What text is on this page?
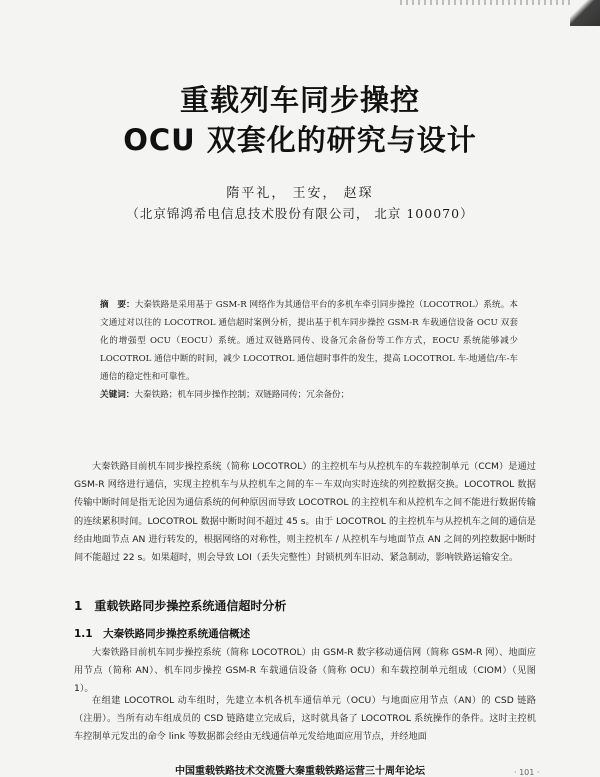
重载列车同步操控
OCU 双套化的研究与设计
隋平礼， 王安， 赵琛
（北京锦鸿希电信息技术股份有限公司， 北京 100070）
摘　要：大秦铁路是采用基于 GSM-R 网络作为其通信平台的多机车牵引同步操控（LOCOTROL）系统。本文通过对以往的 LOCOTROL 通信超时案例分析，提出基于机车同步操控 GSM-R 车载通信设备 OCU 双套化的增强型 OCU（EOCU）系统。通过双链路同传、设备冗余备份等工作方式，EOCU 系统能够减少 LOCOTROL 通信中断的时间，减少 LOCOTROL 通信超时事件的发生，提高 LOCOTROL 车-地通信/车-车通信的稳定性和可靠性。
关键词：大秦铁路；机车同步操作控制；双链路同传；冗余备份；
大秦铁路目前机车同步操控系统（简称 LOCOTROL）的主控机车与从控机车的车载控制单元（CCM）是通过 GSM-R 网络进行通信，实现主控机车与从控机车之间的车－车双向实时连续的列控数据交换。LOCOTROL 数据传输中断时间是指无论因为通信系统的何种原因而导致 LOCOTROL 的主控机车和从控机车之间不能进行数据传输的连续累积时间。LOCOTROL 数据中断时间不超过 45 s。由于 LOCOTROL 的主控机车与从控机车之间的通信是经由地面节点 AN 进行转发的，根据网络的对称性，则主控机车 / 从控机车与地面节点 AN 之间的列控数据中断时间不能超过 22 s。如果超时，则会导致 LOI（丢失完整性）封锁机列车旧动、紧急制动，影响铁路运输安全。
1　重载铁路同步操控系统通信超时分析
1.1　大秦铁路同步操控系统通信概述
大秦铁路目前机车同步操控系统（简称 LOCOTROL）由 GSM-R 数字移动通信网（简称 GSM-R 网）、地面应用节点（简称 AN）、机车同步操控 GSM-R 车载通信设备（简称 OCU）和车载控制单元组成（CIOM）（见图 1）。
在组建 LOCOTROL 动车组时，先建立本机各机车通信单元（OCU）与地面应用节点（AN）的 CSD 链路（注册）。当所有动车组成员的 CSD 链路建立完成后，这时就具备了 LOCOTROL 系统操作的条件。这时主控机车控制单元发出的命令 link 等数据都会经由无线通信单元发给地面应用节点，并经地面
中国重载铁路技术交流暨大秦重载铁路运营三十周年论坛	· 101 ·
